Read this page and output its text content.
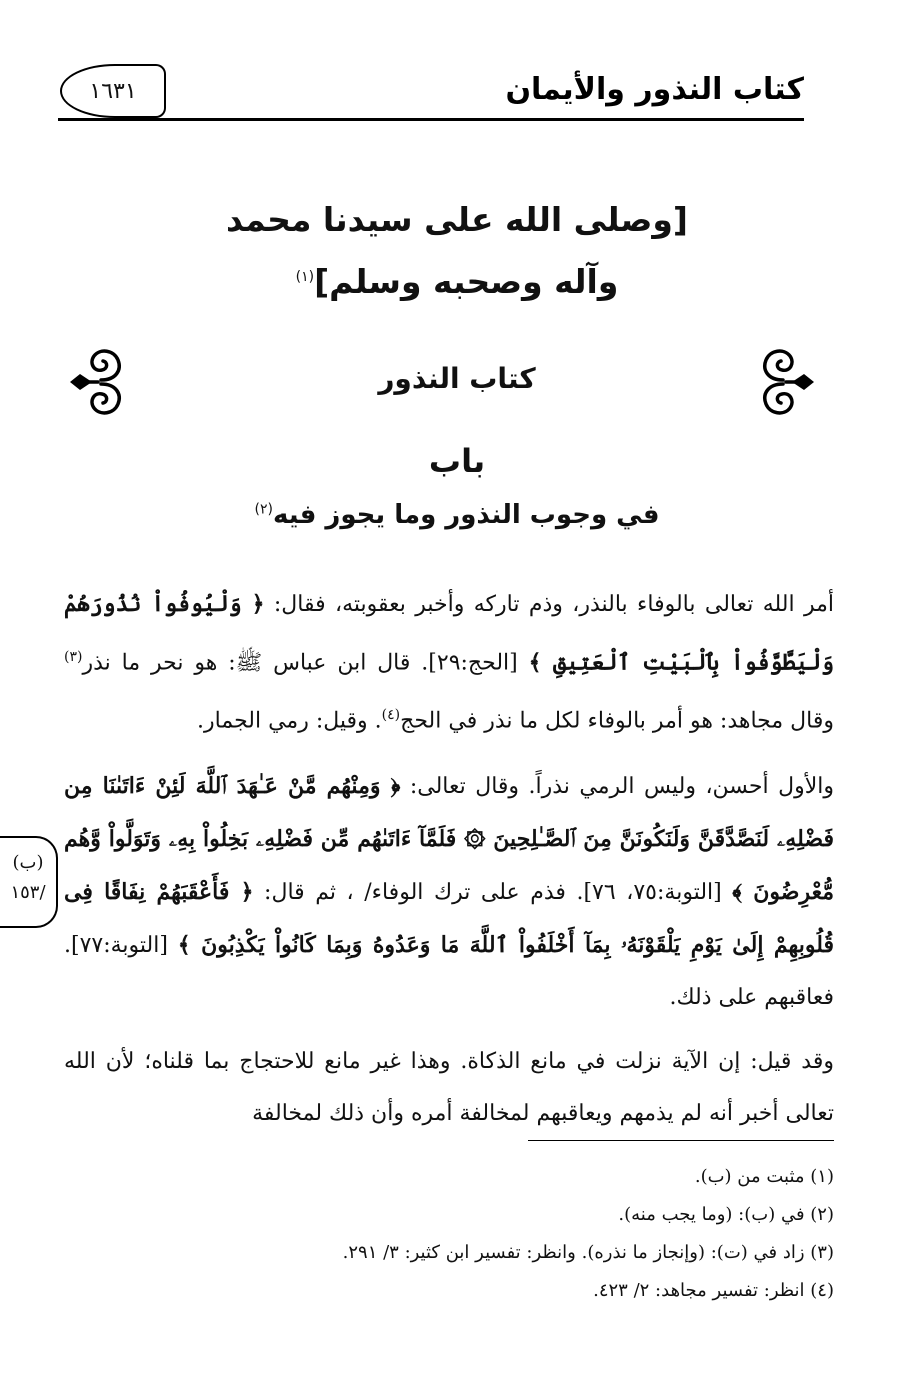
كتاب النذور والأيمان
١٦٣١
[وصلى الله على سيدنا محمد
وآله وصحبه وسلم]$^{(١)}$
كتاب النذور
باب
في وجوب النذور وما يجوز فيه$^{(٢)}$

أمر الله تعالى بالوفاء بالنذر، وذم تاركه وأخبر بعقوبته، فقال: ﴿ وَلْيُوفُواْ نُذُورَهُمْ وَلْيَطَّوَّفُواْ بِٱلْبَيْتِ ٱلْعَتِيقِ ﴾ [الحج:٢٩]. قال ابن عباس ﷺ: هو نحر ما نذر$^{(٣)}$ وقال مجاهد: هو أمر بالوفاء لكل ما نذر في الحج$^{(٤)}$. وقيل: رمي الجمار.

والأول أحسن، وليس الرمي نذراً. وقال تعالى: ﴿ وَمِنْهُم مَّنْ عَـٰهَدَ ٱللَّهَ لَئِنْ ءَاتَىٰنَا مِن فَضْلِهِۦ لَنَصَّدَّقَنَّ وَلَنَكُونَنَّ مِنَ ٱلصَّـٰلِحِينَ ۞ فَلَمَّآ ءَاتَىٰهُم مِّن فَضْلِهِۦ بَخِلُواْ بِهِۦ وَتَوَلَّواْ وَّهُم مُّعْرِضُونَ ﴾ [التوبة:٧٥، ٧٦]. فذم على ترك الوفاء/ ، ثم قال: ﴿ فَأَعْقَبَهُمْ نِفَاقًا فِى قُلُوبِهِمْ إِلَىٰ يَوْمِ يَلْقَوْنَهُۥ بِمَآ أَخْلَفُواْ ٱللَّهَ مَا وَعَدُوهُ وَبِمَا كَانُواْ يَكْذِبُونَ ﴾ [التوبة:٧٧]. فعاقبهم على ذلك.

وقد قيل: إن الآية نزلت في مانع الذكاة. وهذا غير مانع للاحتجاج بما قلناه؛ لأن الله تعالى أخبر أنه لم يذمهم ويعاقبهم لمخالفة أمره وأن ذلك لمخالفة

(ب)
/١٥٣
(١) مثبت من (ب).
(٢) في (ب): (وما يجب منه).
(٣) زاد في (ت): (وإنجاز ما نذره). وانظر: تفسير ابن كثير: ٣/ ٢٩١.
(٤) انظر: تفسير مجاهد: ٢/ ٤٢٣.
